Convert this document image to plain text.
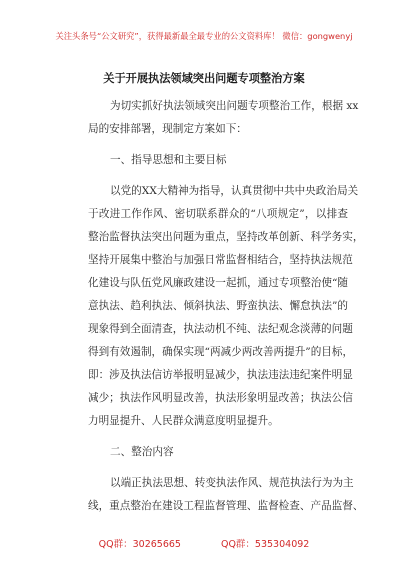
关注头条号“公文研究”，获得最新最全最专业的公文资料库！ 微信：gongwenyj
关于开展执法领域突出问题专项整治方案
为切实抓好执法领域突出问题专项整治工作，根据 xx
局的安排部署，现制定方案如下：
一、指导思想和主要目标
以党的XX大精神为指导，认真贯彻中共中央政治局关
于改进工作作风、密切联系群众的“八项规定”，以排查
整治监督执法突出问题为重点，坚持改革创新、科学务实，
坚持开展集中整治与加强日常监督相结合，坚持执法规范
化建设与队伍党风廉政建设一起抓，通过专项整治使“随
意执法、趋利执法、倾斜执法、野蛮执法、懈怠执法”的
现象得到全面清查，执法动机不纯、法纪观念淡薄的问题
得到有效遏制，确保实现“两减少两改善两提升”的目标，
即：涉及执法信访举报明显减少，执法违法违纪案件明显
减少；执法作风明显改善，执法形象明显改善；执法公信
力明显提升、人民群众满意度明显提升。
二、整治内容
以端正执法思想、转变执法作风、规范执法行为为主
线，重点整治在建设工程监督管理、监督检查、产品监督、
QQ群：30265665	QQ群：535304092
